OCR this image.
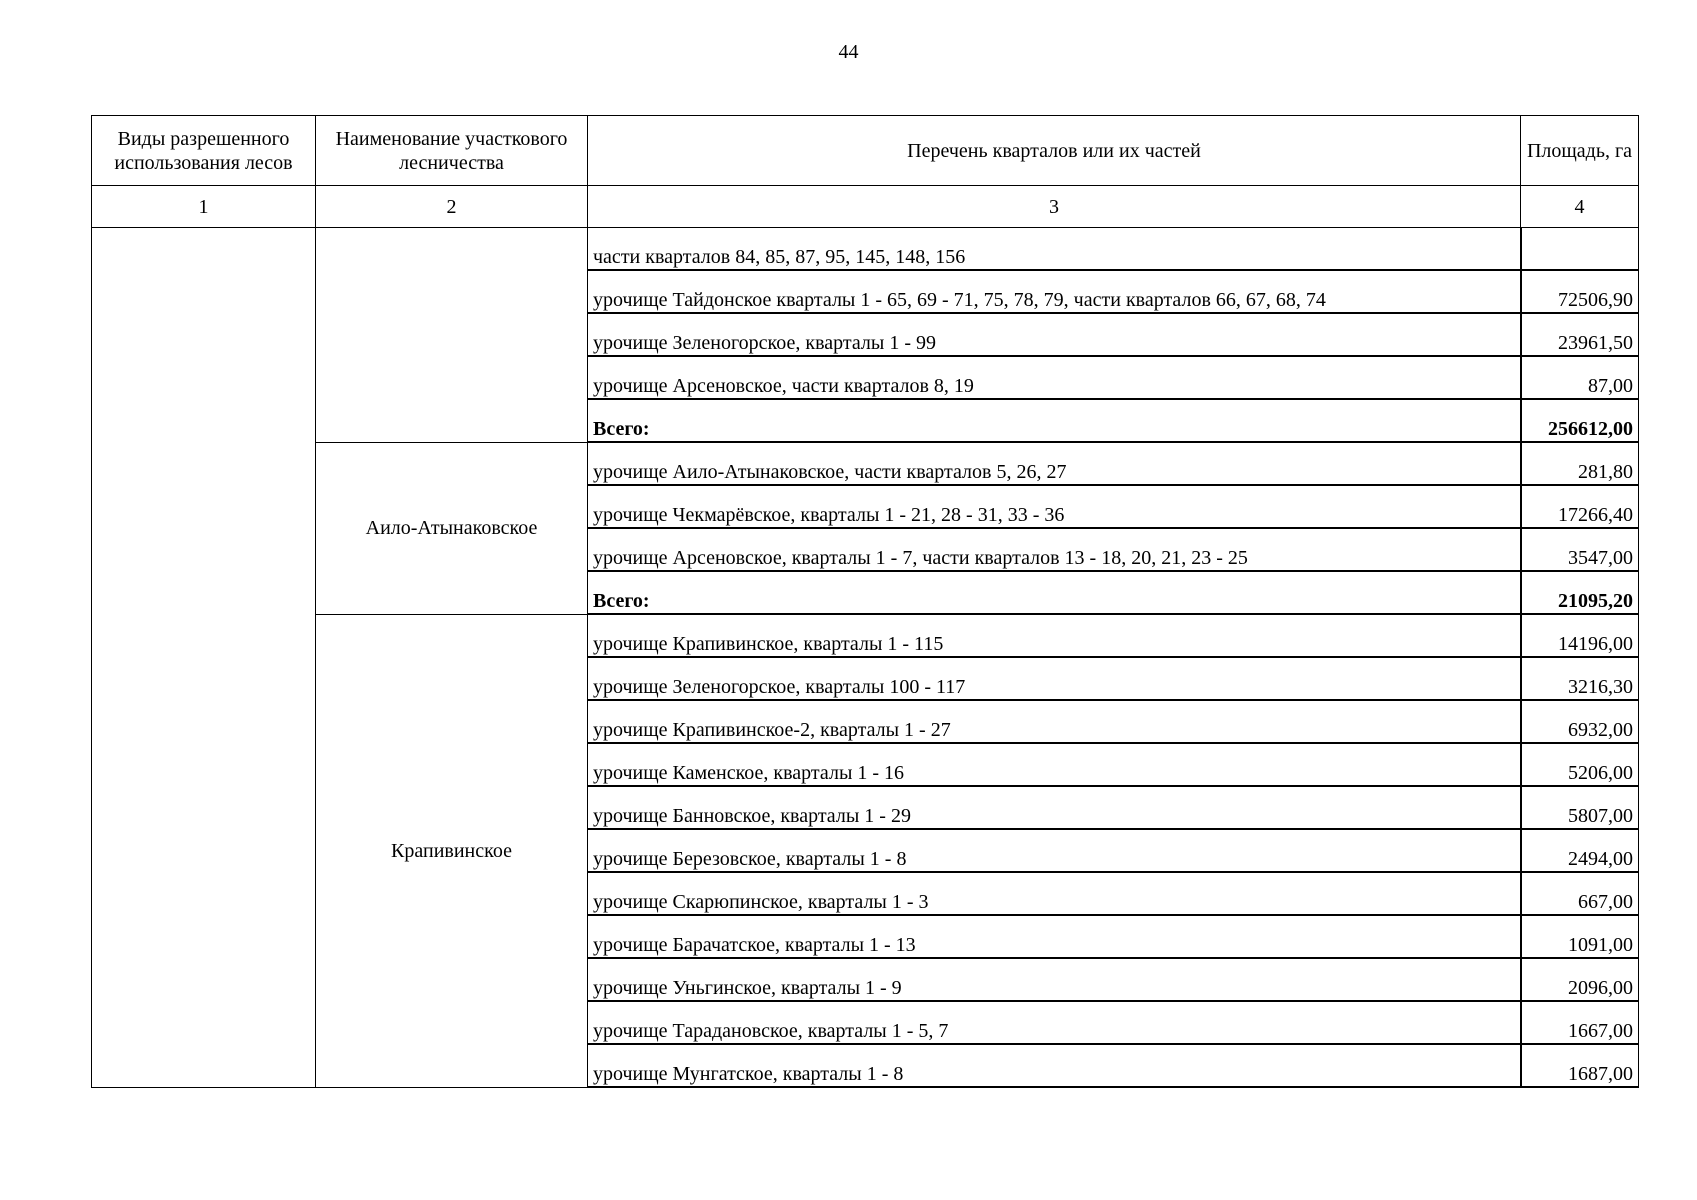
44
Виды разрешенного использования лесов	Наименование участкового лесничества	Перечень кварталов или их частей	Площадь, га
1	2	3	4
		части кварталов 84, 85, 87, 95, 145, 148, 156	
		урочище Тайдонское кварталы 1 - 65, 69 - 71, 75, 78, 79, части кварталов 66, 67, 68, 74	72506,90
		урочище Зеленогорское, кварталы 1 - 99	23961,50
		урочище Арсеновское, части кварталов 8, 19	87,00
		Всего:	256612,00
	Аило-Атынаковское	урочище Аило-Атынаковское, части кварталов 5, 26, 27	281,80
		урочище Чекмарёвское, кварталы 1 - 21, 28 - 31, 33 - 36	17266,40
		урочище Арсеновское, кварталы 1 - 7, части кварталов 13 - 18, 20, 21, 23 - 25	3547,00
		Всего:	21095,20
	Крапивинское	урочище Крапивинское, кварталы 1 - 115	14196,00
		урочище Зеленогорское, кварталы 100 - 117	3216,30
		урочище Крапивинское-2, кварталы 1 - 27	6932,00
		урочище Каменское, кварталы 1 - 16	5206,00
		урочище Банновское, кварталы 1 - 29	5807,00
		урочище Березовское, кварталы 1 - 8	2494,00
		урочище Скарюпинское, кварталы 1 - 3	667,00
		урочище Барачатское, кварталы 1 - 13	1091,00
		урочище Уньгинское, кварталы 1 - 9	2096,00
		урочище Тарадановское, кварталы 1 - 5, 7	1667,00
		урочище Мунгатское, кварталы 1 - 8	1687,00
